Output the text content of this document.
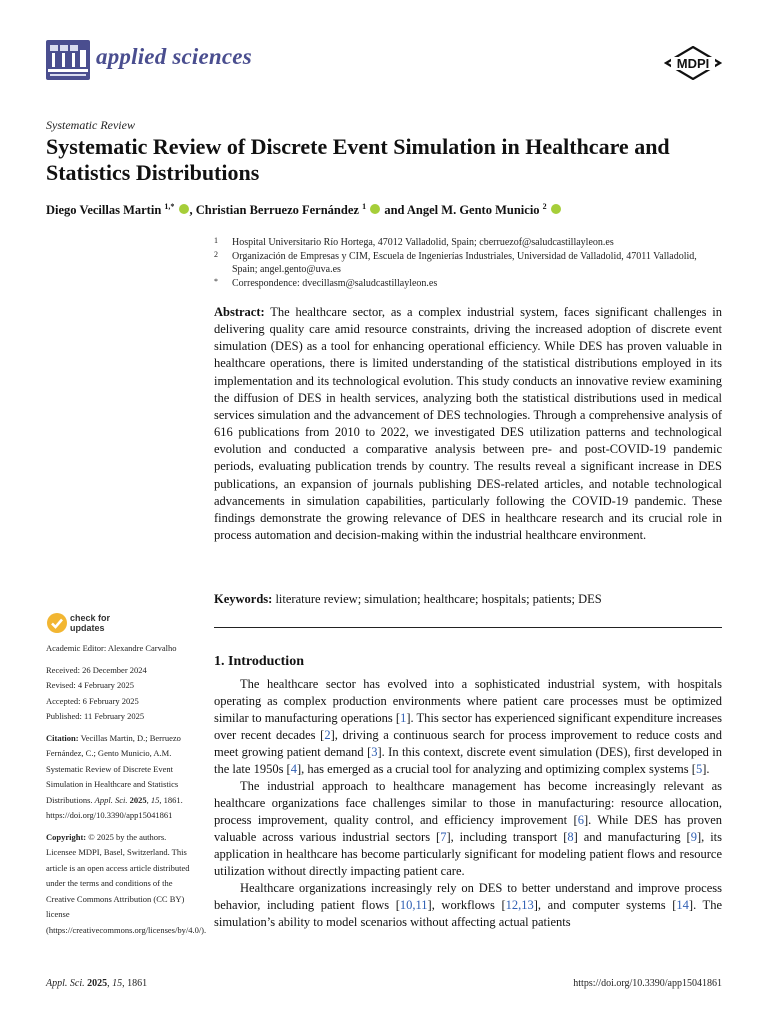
applied sciences	MDPI
Systematic Review
Systematic Review of Discrete Event Simulation in Healthcare and Statistics Distributions
Diego Vecillas Martin $^{1,*}$ , Christian Berruezo Fernández $^1$  and Angel M. Gento Municio $^2$
1 Hospital Universitario Río Hortega, 47012 Valladolid, Spain; cberruezof@saludcastillayleon.es
2 Organización de Empresas y CIM, Escuela de Ingenierías Industriales, Universidad de Valladolid, 47011 Valladolid, Spain; angel.gento@uva.es
* Correspondence: dvecillasm@saludcastillayleon.es
Abstract: The healthcare sector, as a complex industrial system, faces significant challenges in delivering quality care amid resource constraints, driving the increased adoption of discrete event simulation (DES) as a tool for enhancing operational efficiency. While DES has proven valuable in healthcare operations, there is limited understanding of the statistical distributions employed in its implementation and its technological evolution. This study conducts an innovative review examining the diffusion of DES in health services, analyzing both the statistical distributions used in medical services simulation and the advancement of DES technologies. Through a comprehensive analysis of 616 publications from 2010 to 2022, we investigated DES utilization patterns and technological evolution and conducted a comparative analysis between pre- and post-COVID-19 pandemic periods, evaluating publication trends by country. The results reveal a significant increase in DES publications, an expansion of journals publishing DES-related articles, and notable technological advancements in simulation capabilities, particularly following the COVID-19 pandemic. These findings demonstrate the growing relevance of DES in healthcare research and its crucial role in process automation and decision-making within the industrial healthcare environment.
Keywords: literature review; simulation; healthcare; hospitals; patients; DES
check for
updates

Academic Editor: Alexandre Carvalho

Received: 26 December 2024

Revised: 4 February 2025

Accepted: 6 February 2025

Published: 11 February 2025

Citation: Vecillas Martin, D.; Berruezo Fernández, C.; Gento Municio, A.M. Systematic Review of Discrete Event Simulation in Healthcare and Statistics Distributions. Appl. Sci. 2025, 15, 1861. https://doi.org/10.3390/app15041861

Copyright: © 2025 by the authors. Licensee MDPI, Basel, Switzerland. This article is an open access article distributed under the terms and conditions of the Creative Commons Attribution (CC BY) license (https://creativecommons.org/licenses/by/4.0/).

1. Introduction

The healthcare sector has evolved into a sophisticated industrial system, with hospitals operating as complex production environments where patient care processes must be optimized similar to manufacturing operations [1]. This sector has experienced significant expenditure increases over recent decades [2], driving a continuous search for process improvement to reduce costs and meet growing patient demand [3]. In this context, discrete event simulation (DES), first developed in the late 1950s [4], has emerged as a crucial tool for analyzing and optimizing complex systems [5].

The industrial approach to healthcare management has become increasingly relevant as healthcare organizations face challenges similar to those in manufacturing: resource allocation, process improvement, quality control, and efficiency improvement [6]. While DES has proven valuable across various industrial sectors [7], including transport [8] and manufacturing [9], its application in healthcare has become particularly significant for modeling patient flows and resource utilization without directly impacting patient care.

Healthcare organizations increasingly rely on DES to better understand and improve process behavior, including patient flows [10,11], workflows [12,13], and computer systems [14]. The simulation’s ability to model scenarios without affecting actual patients

Appl. Sci. 2025, 15, 1861	https://doi.org/10.3390/app15041861
